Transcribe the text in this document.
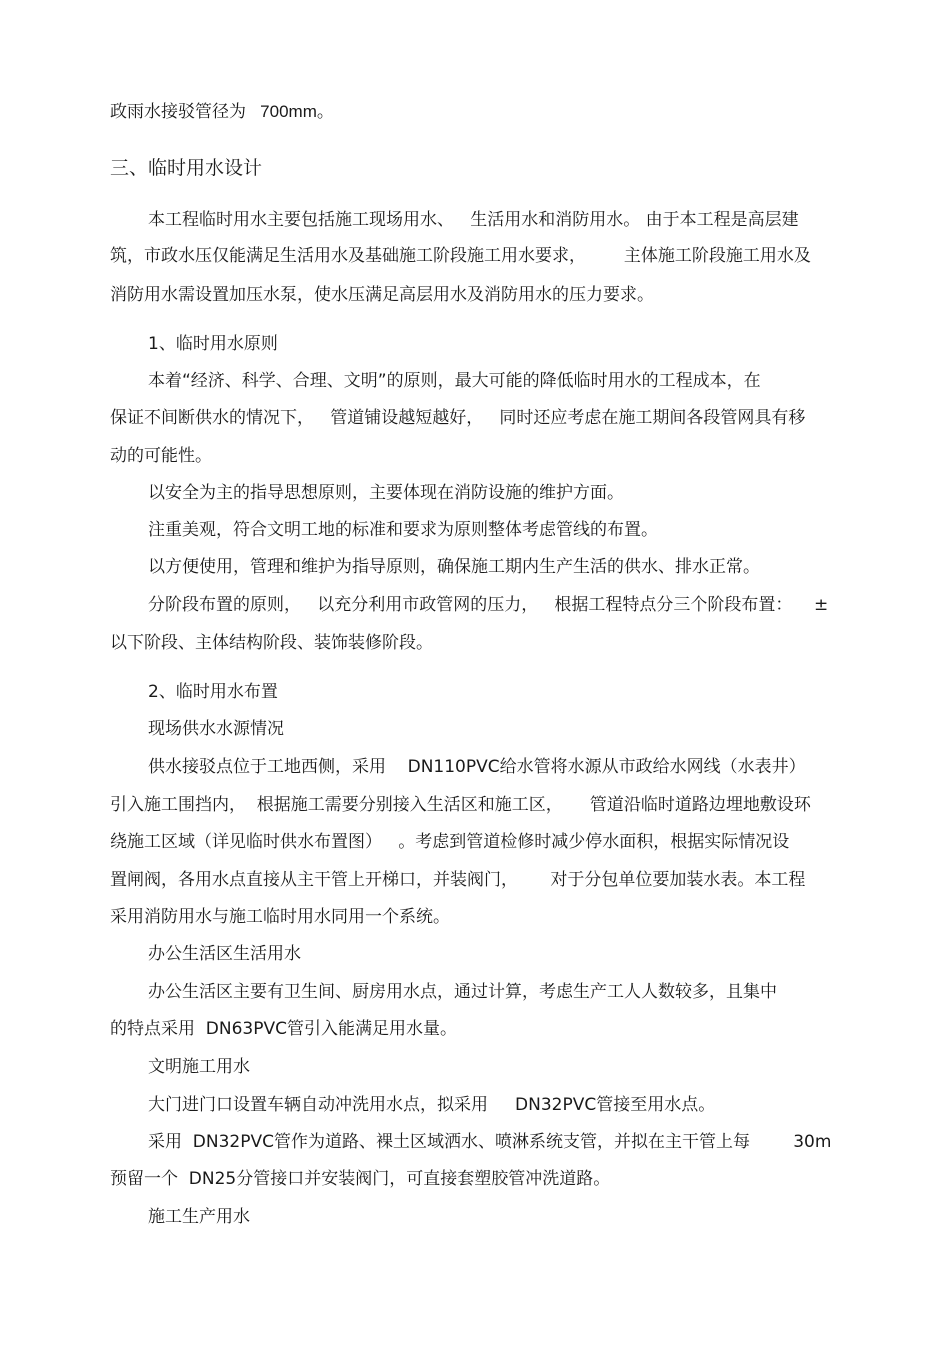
政雨水接驳管径为   700mm。
三、临时用水设计
本工程临时用水主要包括施工现场用水、   生活用水和消防用水。 由于本工程是高层建
筑，市政水压仅能满足生活用水及基础施工阶段施工用水要求，       主体施工阶段施工用水及
消防用水需设置加压水泵，使水压满足高层用水及消防用水的压力要求。
1、临时用水原则
本着“经济、科学、合理、文明”的原则，最大可能的降低临时用水的工程成本，在
保证不间断供水的情况下，   管道铺设越短越好，   同时还应考虑在施工期间各段管网具有移
动的可能性。
以安全为主的指导思想原则，主要体现在消防设施的维护方面。
注重美观，符合文明工地的标准和要求为原则整体考虑管线的布置。
以方便使用，管理和维护为指导原则，确保施工期内生产生活的供水、排水正常。
分阶段布置的原则，   以充分利用市政管网的压力，   根据工程特点分三个阶段布置：    ±
以下阶段、主体结构阶段、装饰装修阶段。
2、临时用水布置
现场供水水源情况
供水接驳点位于工地西侧，采用    DN110PVC给水管将水源从市政给水网线（水表井）
引入施工围挡内，  根据施工需要分别接入生活区和施工区，     管道沿临时道路边埋地敷设环
绕施工区域（详见临时供水布置图）   。考虑到管道检修时减少停水面积，根据实际情况设
置闸阀，各用水点直接从主干管上开梯口，并装阀门，      对于分包单位要加装水表。本工程
采用消防用水与施工临时用水同用一个系统。
办公生活区生活用水
办公生活区主要有卫生间、厨房用水点，通过计算，考虑生产工人人数较多，且集中
的特点采用  DN63PVC管引入能满足用水量。
文明施工用水
大门进门口设置车辆自动冲洗用水点，拟采用     DN32PVC管接至用水点。
采用  DN32PVC管作为道路、裸土区域洒水、喷淋系统支管，并拟在主干管上每        30m
预留一个  DN25分管接口并安装阀门，可直接套塑胶管冲洗道路。
施工生产用水
